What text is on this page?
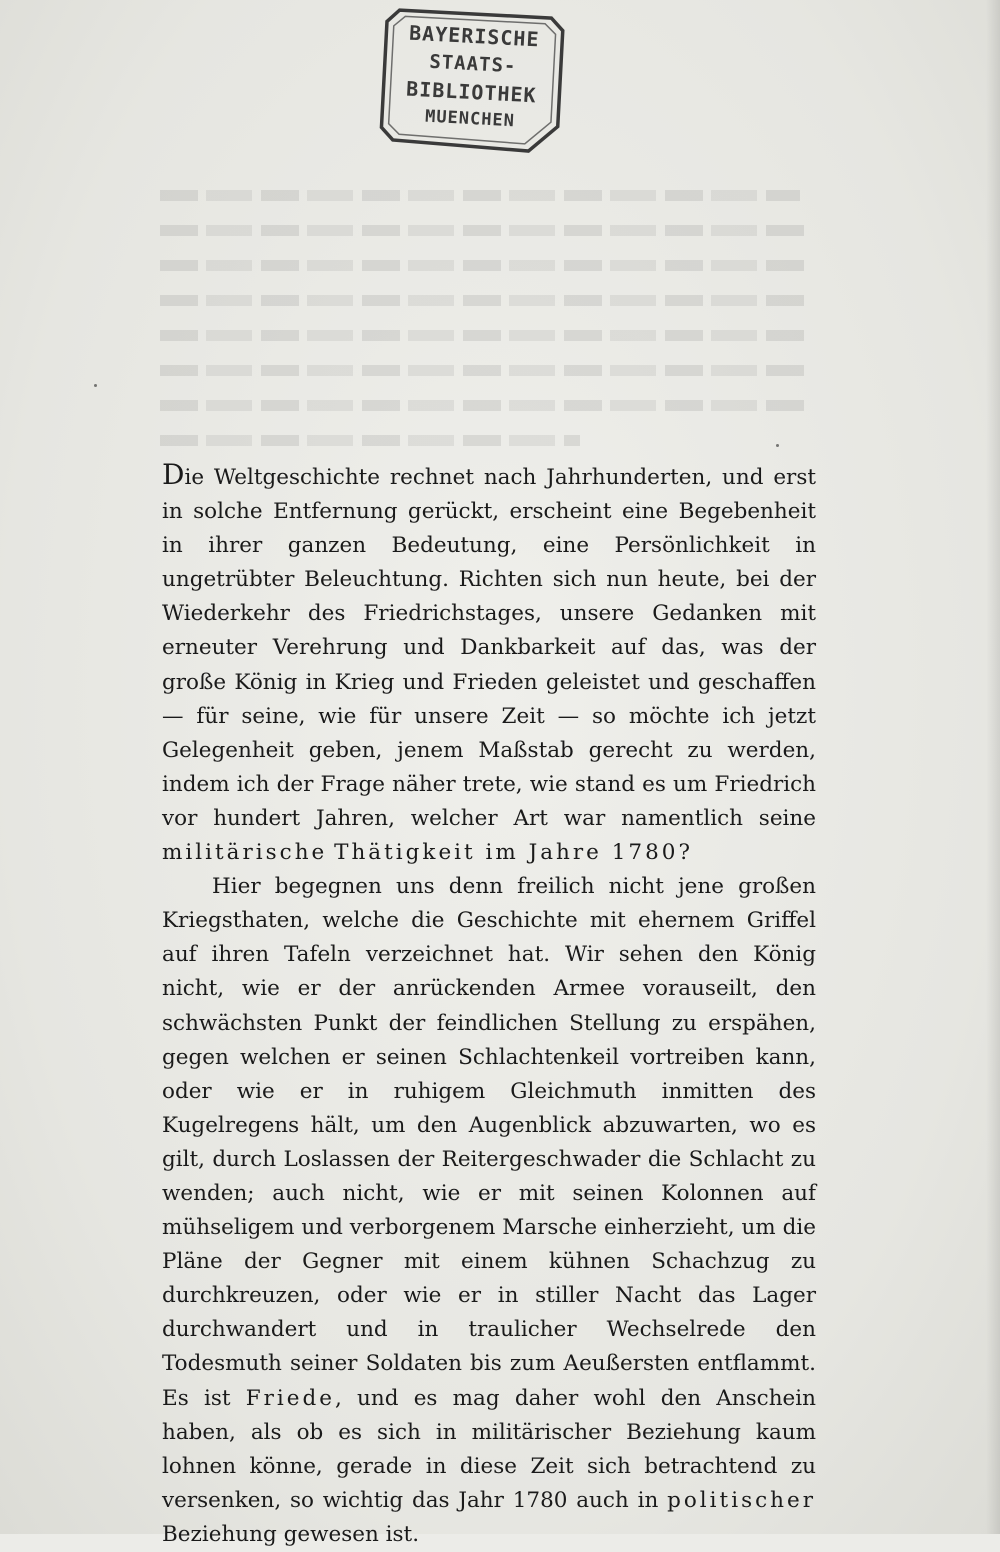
BAYERISCHE
STAATS-
BIBLIOTHEK
MUENCHEN

Die Weltgeschichte rechnet nach Jahrhunderten, und erst in solche Entfernung gerückt, erscheint eine Begebenheit in ihrer ganzen Bedeutung, eine Persönlichkeit in ungetrübter Beleuchtung. Richten sich nun heute, bei der Wiederkehr des Friedrichstages, unsere Gedanken mit erneuter Verehrung und Dankbarkeit auf das, was der große König in Krieg und Frieden geleistet und geschaffen — für seine, wie für unsere Zeit — so möchte ich jetzt Gelegenheit geben, jenem Maßstab gerecht zu werden, indem ich der Frage näher trete, wie stand es um Friedrich vor hundert Jahren, welcher Art war namentlich seine militärische Thätigkeit im Jahre 1780?

Hier begegnen uns denn freilich nicht jene großen Kriegsthaten, welche die Geschichte mit ehernem Griffel auf ihren Tafeln verzeichnet hat. Wir sehen den König nicht, wie er der anrückenden Armee vorauseilt, den schwächsten Punkt der feindlichen Stellung zu erspähen, gegen welchen er seinen Schlachtenkeil vortreiben kann, oder wie er in ruhigem Gleichmuth inmitten des Kugelregens hält, um den Augenblick abzuwarten, wo es gilt, durch Loslassen der Reitergeschwader die Schlacht zu wenden; auch nicht, wie er mit seinen Kolonnen auf mühseligem und verborgenem Marsche einherzieht, um die Pläne der Gegner mit einem kühnen Schachzug zu durchkreuzen, oder wie er in stiller Nacht das Lager durchwandert und in traulicher Wechselrede den Todesmuth seiner Soldaten bis zum Aeußersten entflammt. Es ist Friede, und es mag daher wohl den Anschein haben, als ob es sich in militärischer Beziehung kaum lohnen könne, gerade in diese Zeit sich betrachtend zu versenken, so wichtig das Jahr 1780 auch in politischer Beziehung gewesen ist.
